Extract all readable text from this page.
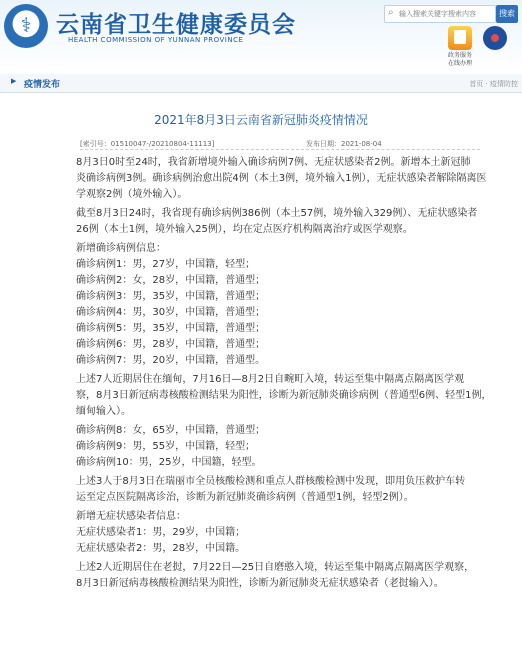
⚕	云南省卫生健康委员会
HEALTH COMMISSION OF YUNNAN PROVINCE
⌕
输入搜索关键字搜索内容	搜索
政务服务
在线办理
▶ 疫情发布	首页 · 疫情防控
2021年8月3日云南省新冠肺炎疫情情况
[索引号：01510047-/2021080​4-11113]	发布日期：2021-08-04

8月3日0时至24时，我省新增境外输入确诊病例7例、无症状感染者2例。新增本土新冠肺

炎确诊病例3例。确诊病例治愈出院4例（本土3例，境外输入1例），无症状感染者解除隔离医

学观察2例（境外输入）。

截至8月3日24时，我省现有确诊病例386例（本土57例，境外输入329例）、无症状感染者

26例（本土1例，境外输入25例），均在定点医疗机构隔离治疗或医学观察。

新增确诊病例信息：

确诊病例1：男，27岁，中国籍，轻型；

确诊病例2：女，28岁，中国籍，普通型；

确诊病例3：男，35岁，中国籍，普通型；

确诊病例4：男，30岁，中国籍，普通型；

确诊病例5：男，35岁，中国籍，普通型；

确诊病例6：男，28岁，中国籍，普通型；

确诊病例7：男，20岁，中国籍，普通型。

上述7人近期居住在缅甸，7月16日—8月2日自畹町入境，转运至集中隔离点隔离医学观

察，8月3日新冠病毒核酸检测结果为阳性，诊断为新冠肺炎确诊病例（普通型6例、轻型1例，

缅甸输入）。

确诊病例8：女，65岁，中国籍，普通型；

确诊病例9：男，55岁，中国籍，轻型；

确诊病例10：男，25岁，中国籍，轻型。

上述3人于8月3日在瑞丽市全员核酸检测和重点人群核酸检测中发现，即用负压救护车转

运至定点医院隔离诊治，诊断为新冠肺炎确诊病例（普通型1例，轻型2例）。

新增无症状感染者信息：

无症状感染者1：男，29岁，中国籍；

无症状感染者2：男，28岁，中国籍。

上述2人近期居住在老挝，7月22日—25日自磨憨入境，转运至集中隔离点隔离医学观察，

8月3日新冠病毒核酸检测结果为阳性，诊断为新冠肺炎无症状感染者（老挝输入）。
